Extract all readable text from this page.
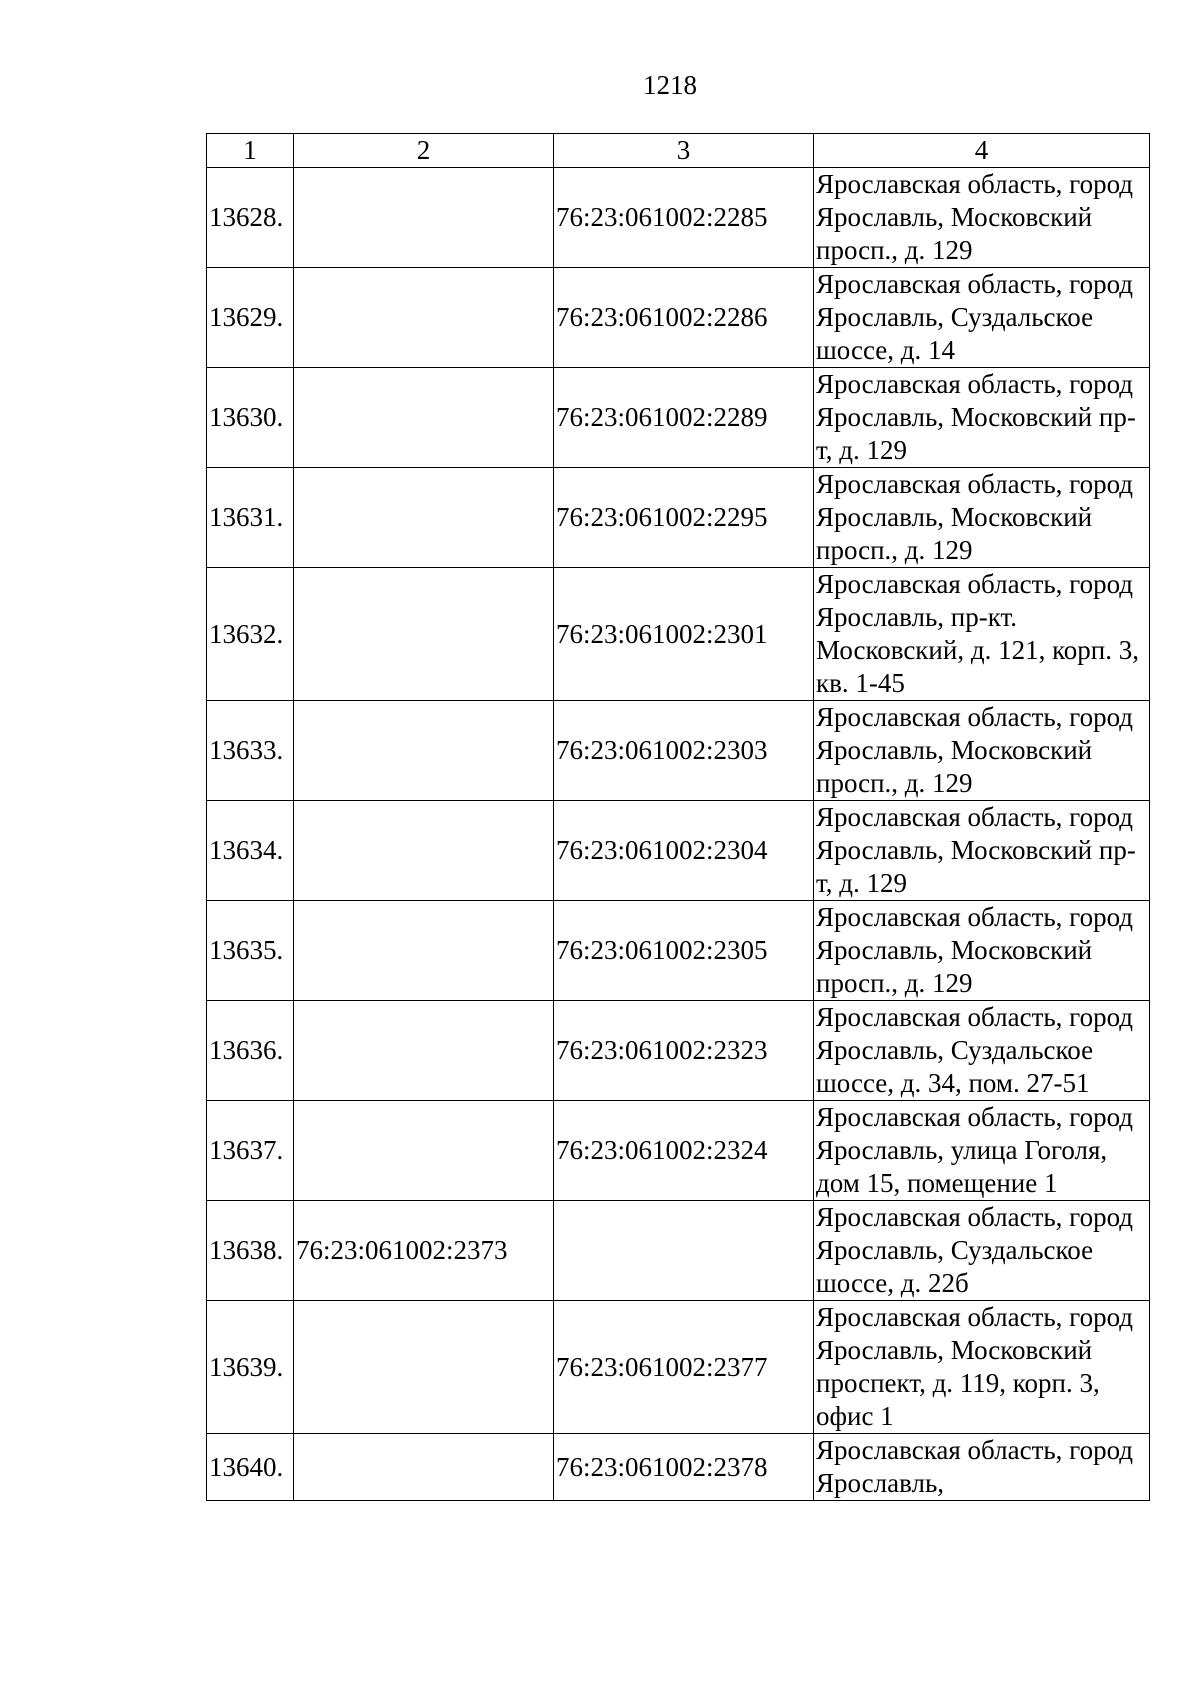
1218
1	2	3	4
13628.		76:23:061002:2285	Ярославская область, город Ярославль, Московский просп., д. 129
13629.		76:23:061002:2286	Ярославская область, город Ярославль, Суздальское шоссе, д. 14
13630.		76:23:061002:2289	Ярославская область, город Ярославль, Московский пр-т, д. 129
13631.		76:23:061002:2295	Ярославская область, город Ярославль, Московский просп., д. 129
13632.		76:23:061002:2301	Ярославская область, город Ярославль, пр-кт. Московский, д. 121, корп. 3, кв. 1-45
13633.		76:23:061002:2303	Ярославская область, город Ярославль, Московский просп., д. 129
13634.		76:23:061002:2304	Ярославская область, город Ярославль, Московский пр-т, д. 129
13635.		76:23:061002:2305	Ярославская область, город Ярославль, Московский просп., д. 129
13636.		76:23:061002:2323	Ярославская область, город Ярославль, Суздальское шоссе, д. 34, пом. 27-51
13637.		76:23:061002:2324	Ярославская область, город Ярославль, улица Гоголя, дом 15, помещение 1
13638.	76:23:061002:2373		Ярославская область, город Ярославль, Суздальское шоссе, д. 22б
13639.		76:23:061002:2377	Ярославская область, город Ярославль, Московский проспект, д. 119, корп. 3, офис 1
13640.		76:23:061002:2378	Ярославская область, город Ярославль,
